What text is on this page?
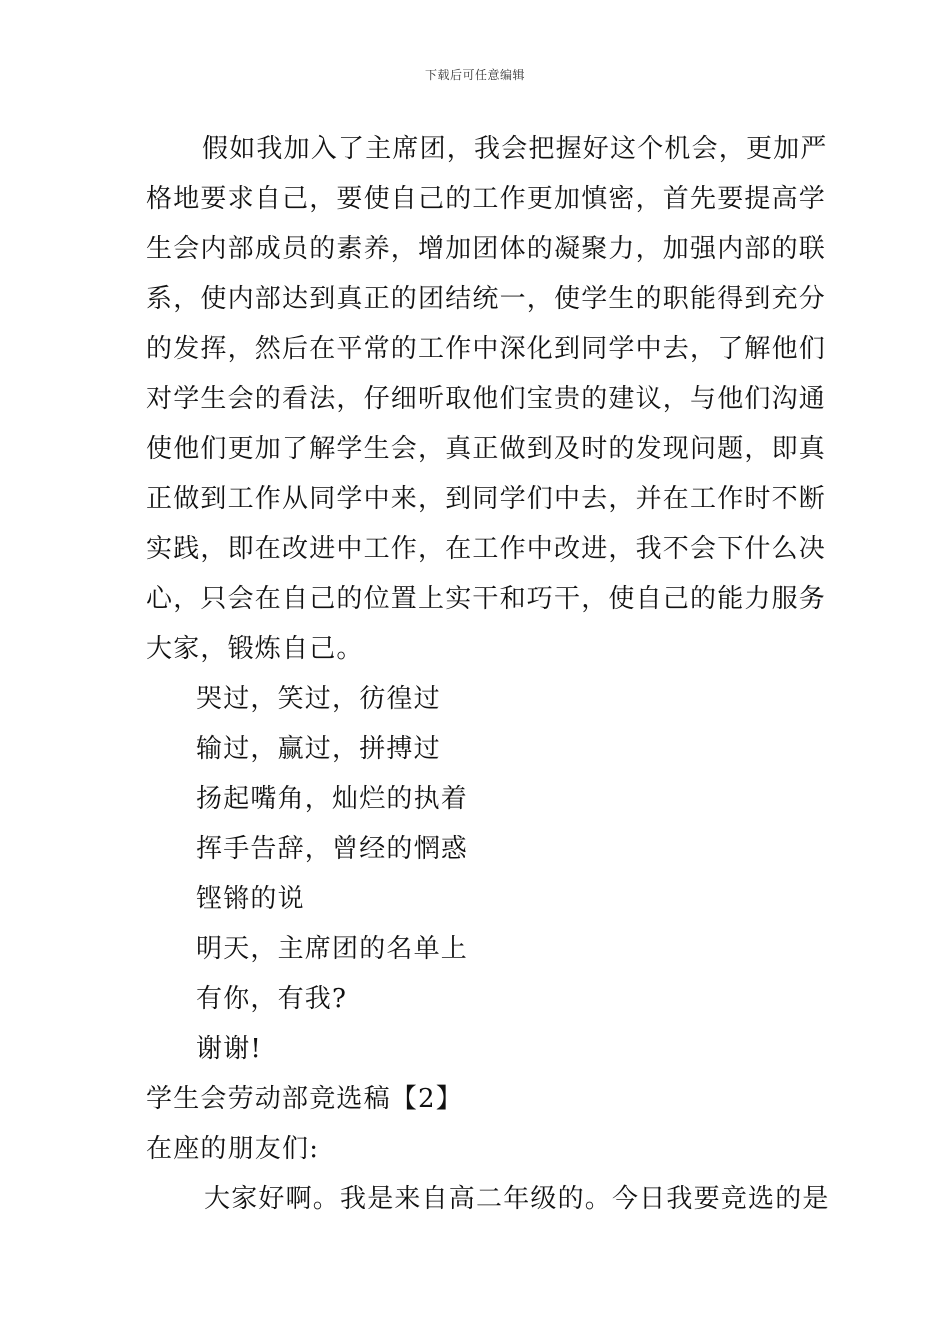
下载后可任意编辑
假如我加入了主席团，我会把握好这个机会，更加严
格地要求自己，要使自己的工作更加慎密，首先要提高学
生会内部成员的素养，增加团体的凝聚力，加强内部的联
系，使内部达到真正的团结统一，使学生的职能得到充分
的发挥，然后在平常的工作中深化到同学中去，了解他们
对学生会的看法，仔细听取他们宝贵的建议，与他们沟通
使他们更加了解学生会，真正做到及时的发现问题，即真
正做到工作从同学中来，到同学们中去，并在工作时不断
实践，即在改进中工作，在工作中改进，我不会下什么决
心，只会在自己的位置上实干和巧干，使自己的能力服务
大家，锻炼自己。
哭过，笑过，彷徨过
输过，赢过，拼搏过
扬起嘴角，灿烂的执着
挥手告辞，曾经的惘惑
铿锵的说
明天，主席团的名单上
有你，有我?
谢谢!
学生会劳动部竞选稿【2】
在座的朋友们:
大家好啊。我是来自高二年级的。今日我要竞选的是
